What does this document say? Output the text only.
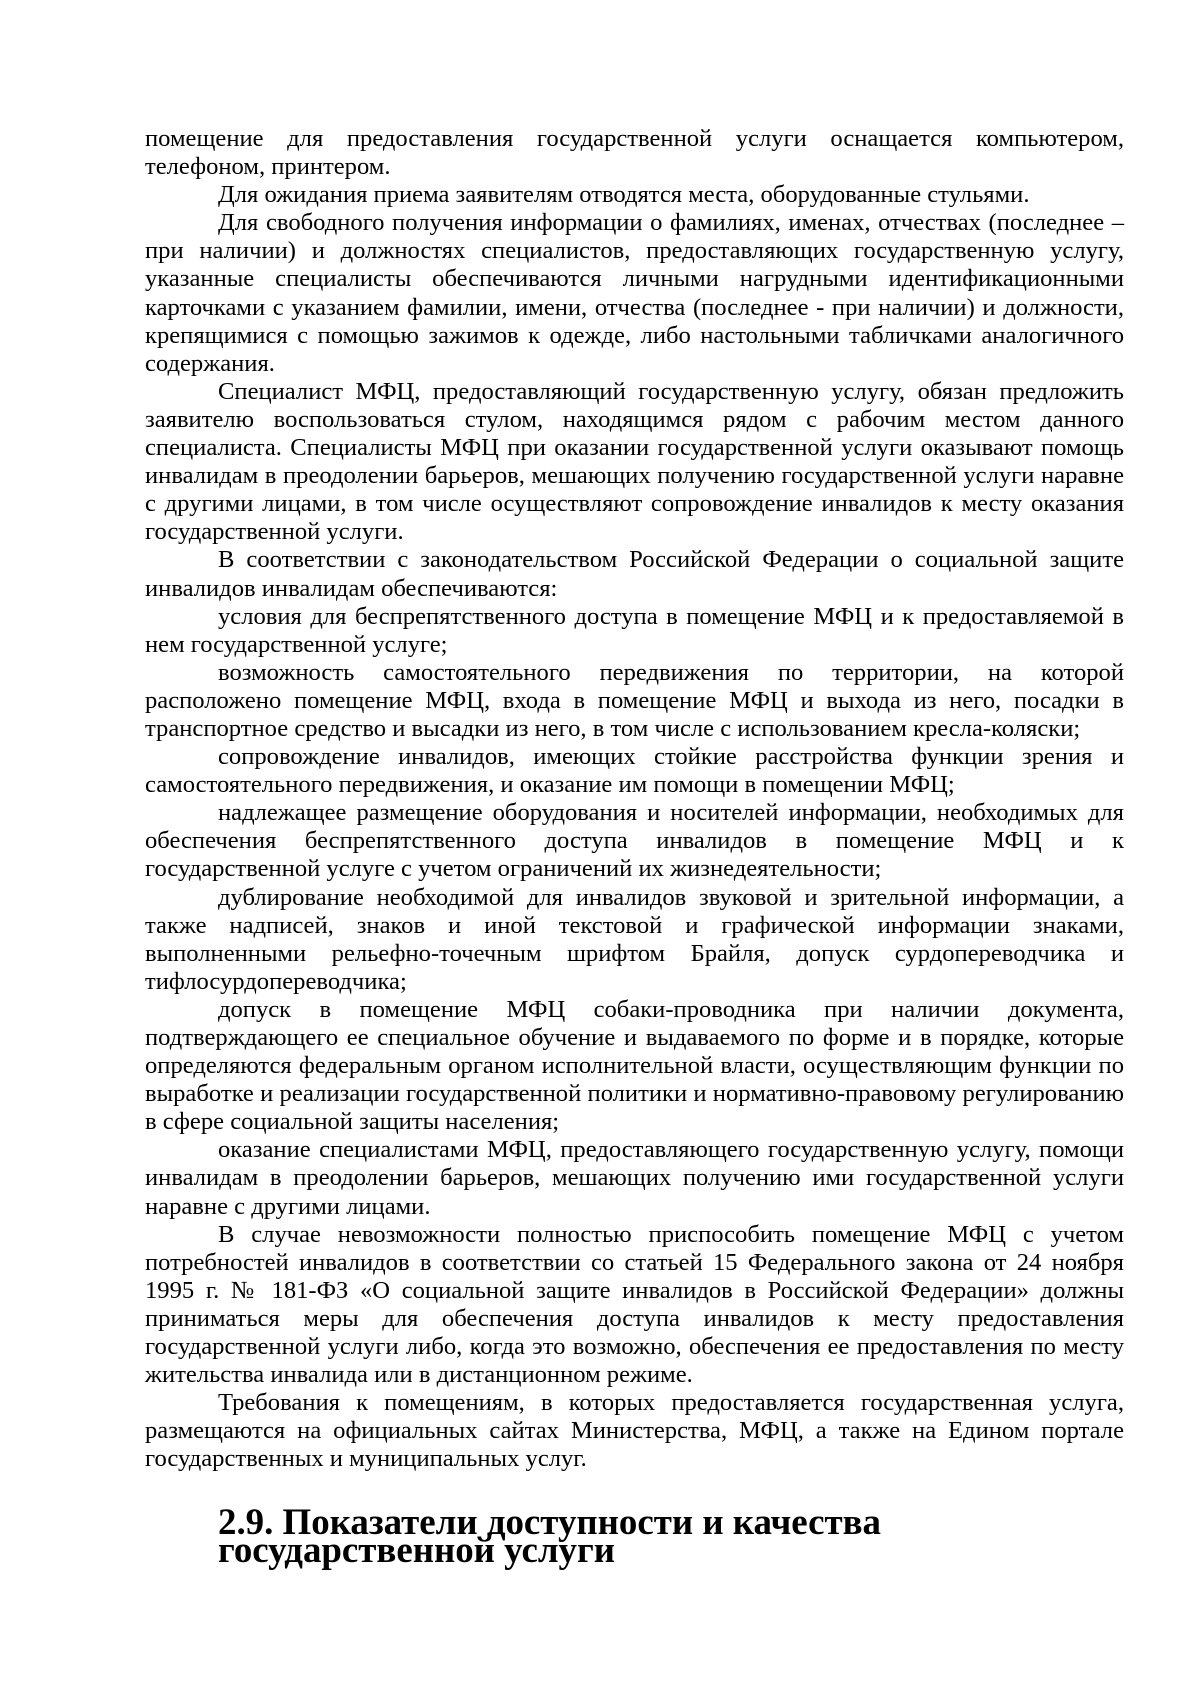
помещение для предоставления государственной услуги оснащается компьютером, телефоном, принтером.

Для ожидания приема заявителям отводятся места, оборудованные стульями.

Для свободного получения информации о фамилиях, именах, отчествах (последнее – при наличии) и должностях специалистов, предоставляющих государственную услугу, указанные специалисты обеспечиваются личными нагрудными идентификационными карточками с указанием фамилии, имени, отчества (последнее - при наличии) и должности, крепящимися с помощью зажимов к одежде, либо настольными табличками аналогичного содержания.

Специалист МФЦ, предоставляющий государственную услугу, обязан предложить заявителю воспользоваться стулом, находящимся рядом с рабочим местом данного специалиста. Специалисты МФЦ при оказании государственной услуги оказывают помощь инвалидам в преодолении барьеров, мешающих получению государственной услуги наравне с другими лицами, в том числе осуществляют сопровождение инвалидов к месту оказания государственной услуги.

В соответствии с законодательством Российской Федерации о социальной защите инвалидов инвалидам обеспечиваются:

условия для беспрепятственного доступа в помещение МФЦ и к предоставляемой в нем государственной услуге;

возможность самостоятельного передвижения по территории, на которой расположено помещение МФЦ, входа в помещение МФЦ и выхода из него, посадки в транспортное средство и высадки из него, в том числе с использованием кресла-коляски;

сопровождение инвалидов, имеющих стойкие расстройства функции зрения и самостоятельного передвижения, и оказание им помощи в помещении МФЦ;

надлежащее размещение оборудования и носителей информации, необходимых для обеспечения беспрепятственного доступа инвалидов в помещение МФЦ и к государственной услуге с учетом ограничений их жизнедеятельности;

дублирование необходимой для инвалидов звуковой и зрительной информации, а также надписей, знаков и иной текстовой и графической информации знаками, выполненными рельефно-точечным шрифтом Брайля, допуск сурдопереводчика и тифлосурдопереводчика;

допуск в помещение МФЦ собаки-проводника при наличии документа, подтверждающего ее специальное обучение и выдаваемого по форме и в порядке, которые определяются федеральным органом исполнительной власти, осуществляющим функции по выработке и реализации государственной политики и нормативно-правовому регулированию в сфере социальной защиты населения;

оказание специалистами МФЦ, предоставляющего государственную услугу, помощи инвалидам в преодолении барьеров, мешающих получению ими государственной услуги наравне с другими лицами.

В случае невозможности полностью приспособить помещение МФЦ с учетом потребностей инвалидов в соответствии со статьей 15 Федерального закона от 24 ноября 1995 г. № 181-ФЗ «О социальной защите инвалидов в Российской Федерации» должны приниматься меры для обеспечения доступа инвалидов к месту предоставления государственной услуги либо, когда это возможно, обеспечения ее предоставления по месту жительства инвалида или в дистанционном режиме.

Требования к помещениям, в которых предоставляется государственная услуга, размещаются на официальных сайтах Министерства, МФЦ, а также на Едином портале государственных и муниципальных услуг.

2.9. Показатели доступности и качества государственной услуги
